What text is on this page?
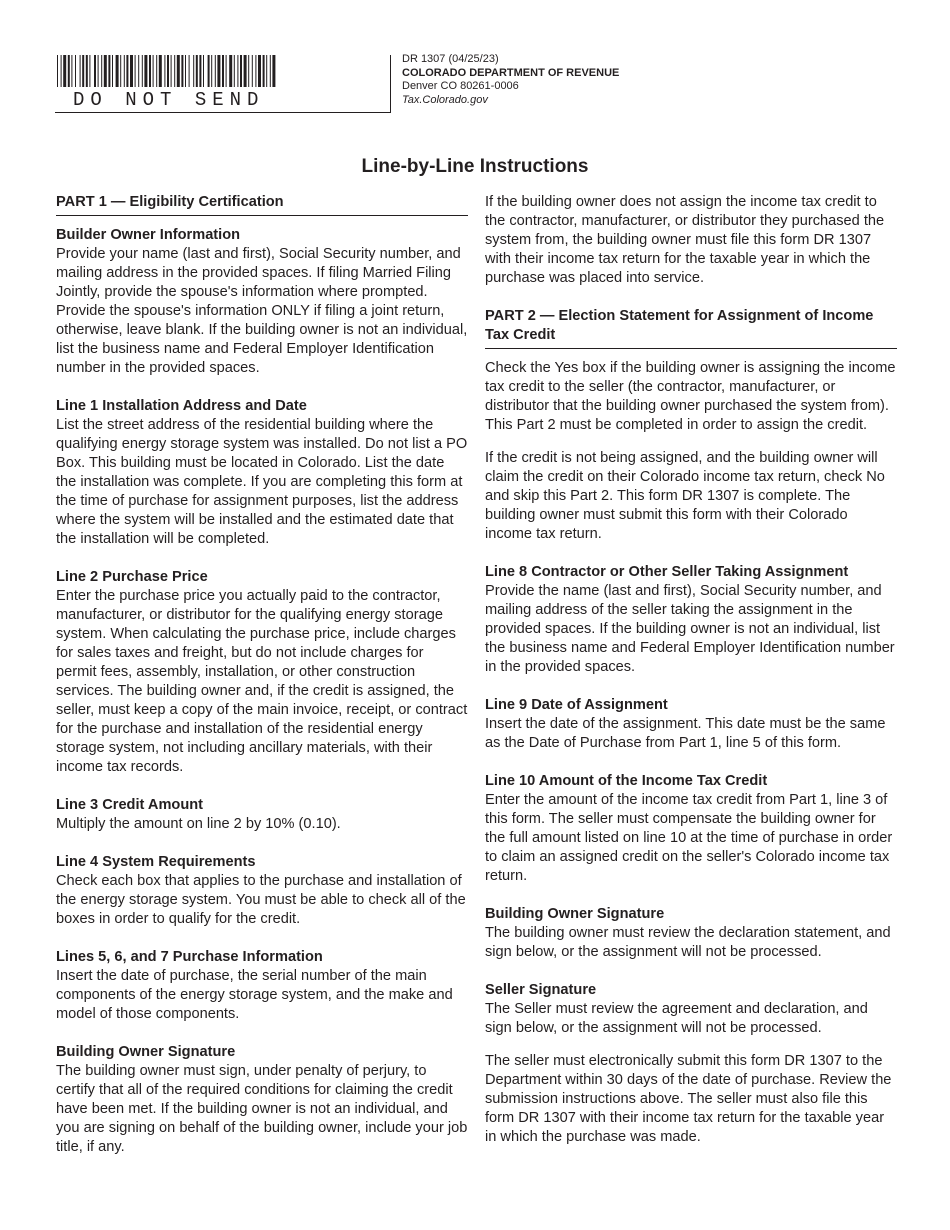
DO NOT SEND
DR 1307 (04/25/23)
COLORADO DEPARTMENT OF REVENUE
Denver CO 80261-0006
Tax.Colorado.gov
Line-by-Line Instructions
PART 1 — Eligibility Certification
Builder Owner Information
Provide your name (last and first), Social Security number, and mailing address in the provided spaces. If filing Married Filing Jointly, provide the spouse's information where prompted. Provide the spouse's information ONLY if filing a joint return, otherwise, leave blank. If the building owner is not an individual, list the business name and Federal Employer Identification number in the provided spaces.
Line 1 Installation Address and Date
List the street address of the residential building where the qualifying energy storage system was installed. Do not list a PO Box. This building must be located in Colorado. List the date the installation was complete. If you are completing this form at the time of purchase for assignment purposes, list the address where the system will be installed and the estimated date that the installation will be completed.
Line 2 Purchase Price
Enter the purchase price you actually paid to the contractor, manufacturer, or distributor for the qualifying energy storage system. When calculating the purchase price, include charges for sales taxes and freight, but do not include charges for permit fees, assembly, installation, or other construction services. The building owner and, if the credit is assigned, the seller, must keep a copy of the main invoice, receipt, or contract for the purchase and installation of the residential energy storage system, not including ancillary materials, with their income tax records.
Line 3 Credit Amount
Multiply the amount on line 2 by 10% (0.10).
Line 4 System Requirements
Check each box that applies to the purchase and installation of the energy storage system. You must be able to check all of the boxes in order to qualify for the credit.
Lines 5, 6, and 7 Purchase Information
Insert the date of purchase, the serial number of the main components of the energy storage system, and the make and model of those components.
Building Owner Signature
The building owner must sign, under penalty of perjury, to certify that all of the required conditions for claiming the credit have been met. If the building owner is not an individual, and you are signing on behalf of the building owner, include your job title, if any.
If the building owner does not assign the income tax credit to the contractor, manufacturer, or distributor they purchased the system from, the building owner must file this form DR 1307 with their income tax return for the taxable year in which the purchase was placed into service.
PART 2 — Election Statement for Assignment of Income Tax Credit
Check the Yes box if the building owner is assigning the income tax credit to the seller (the contractor, manufacturer, or distributor that the building owner purchased the system from). This Part 2 must be completed in order to assign the credit.
If the credit is not being assigned, and the building owner will claim the credit on their Colorado income tax return, check No and skip this Part 2. This form DR 1307 is complete. The building owner must submit this form with their Colorado income tax return.
Line 8 Contractor or Other Seller Taking Assignment
Provide the name (last and first), Social Security number, and mailing address of the seller taking the assignment in the provided spaces. If the building owner is not an individual, list the business name and Federal Employer Identification number in the provided spaces.
Line 9 Date of Assignment
Insert the date of the assignment. This date must be the same as the Date of Purchase from Part 1, line 5 of this form.
Line 10 Amount of the Income Tax Credit
Enter the amount of the income tax credit from Part 1, line 3 of this form. The seller must compensate the building owner for the full amount listed on line 10 at the time of purchase in order to claim an assigned credit on the seller's Colorado income tax return.
Building Owner Signature
The building owner must review the declaration statement, and sign below, or the assignment will not be processed.
Seller Signature
The Seller must review the agreement and declaration, and sign below, or the assignment will not be processed.
The seller must electronically submit this form DR 1307 to the Department within 30 days of the date of purchase. Review the submission instructions above. The seller must also file this form DR 1307 with their income tax return for the taxable year in which the purchase was made.
